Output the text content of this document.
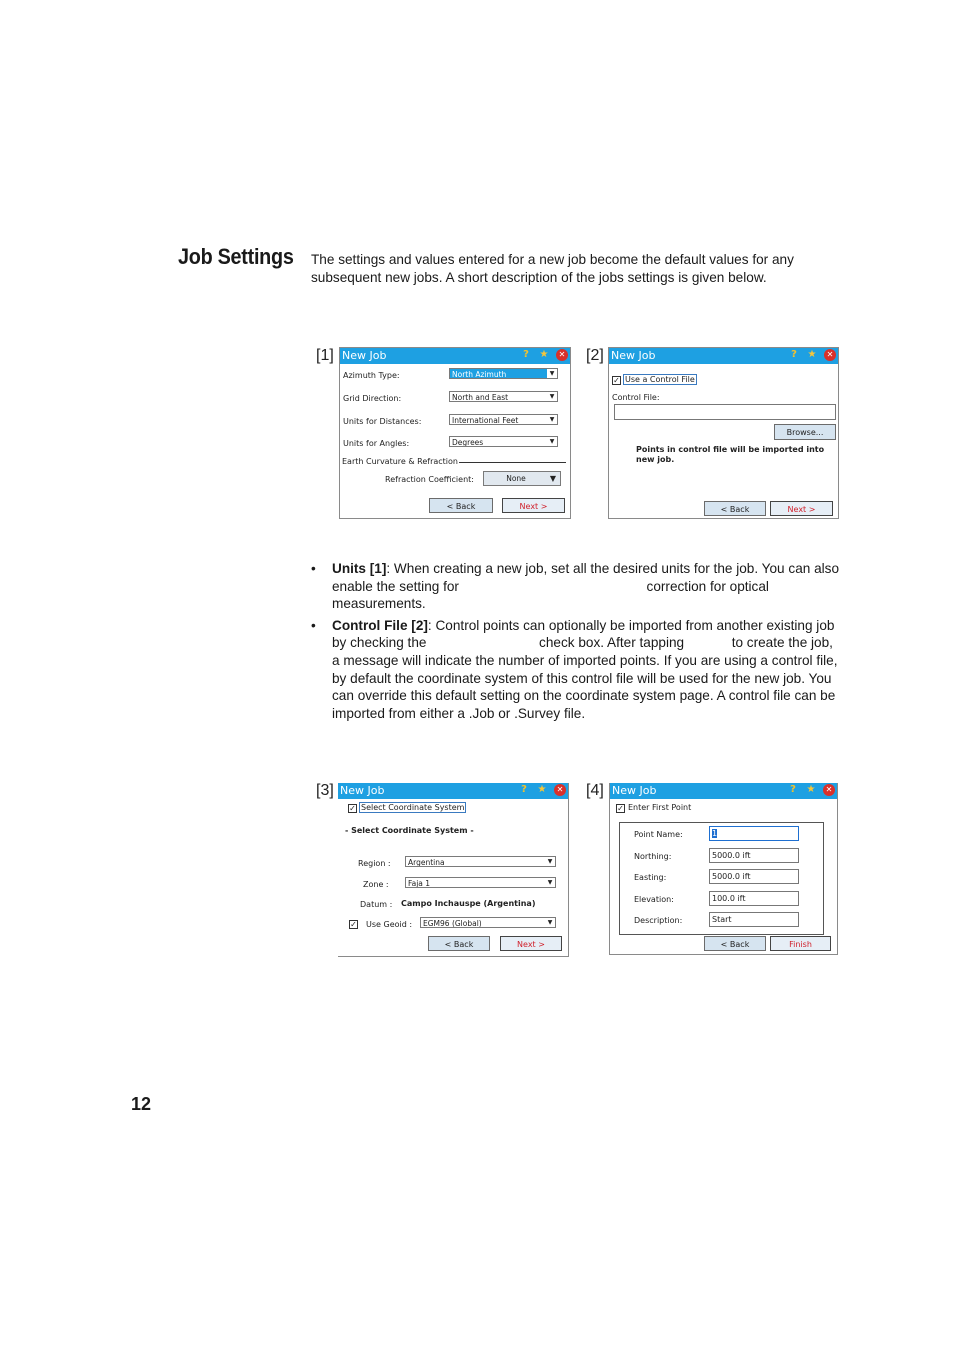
Job Settings The settings and values entered for a new job become the default values for any subsequent new jobs. A short description of the jobs settings is given below.
[1]	[2]
[3]	[4]
New Job	?	★	✕
Azimuth Type:	North Azimuth	▼
Grid Direction:	North and East	▼
Units for Distances:	International Feet	▼
Units for Angles:	Degrees	▼
Earth Curvature & Refraction
Refraction Coefficient:	None	▼
< Back	Next >
New Job	?	★	✕
✓ Use a Control File
Control File:
Browse...
Points in control file will be imported into new job.
< Back	Next >
• Units [1]: When creating a new job, set all the desired units for the job. You can also enable the setting for	correction for optical measurements.
• Control File [2]: Control points can optionally be imported from another existing job by checking the	check box. After tapping	to create the job, a message will indicate the number of imported points. If you are using a control file, by default the coordinate system of this control file will be used for the new job. You can override this default setting on the coordinate system page. A control file can be imported from either a .Job or .Survey file.
New Job	?	★	✕
✓ Select Coordinate System
- Select Coordinate System -
Region :	Argentina	▼
Zone :	Faja 1	▼
Datum : Campo Inchauspe (Argentina)
✓ Use Geoid :	EGM96 (Global)	▼
< Back	Next >
New Job	?	★	✕
✓ Enter First Point
Point Name:	1
Northing:	5000.0 ift
Easting:	5000.0 ift
Elevation:	100.0 ift
Description:	Start
< Back	Finish
12
